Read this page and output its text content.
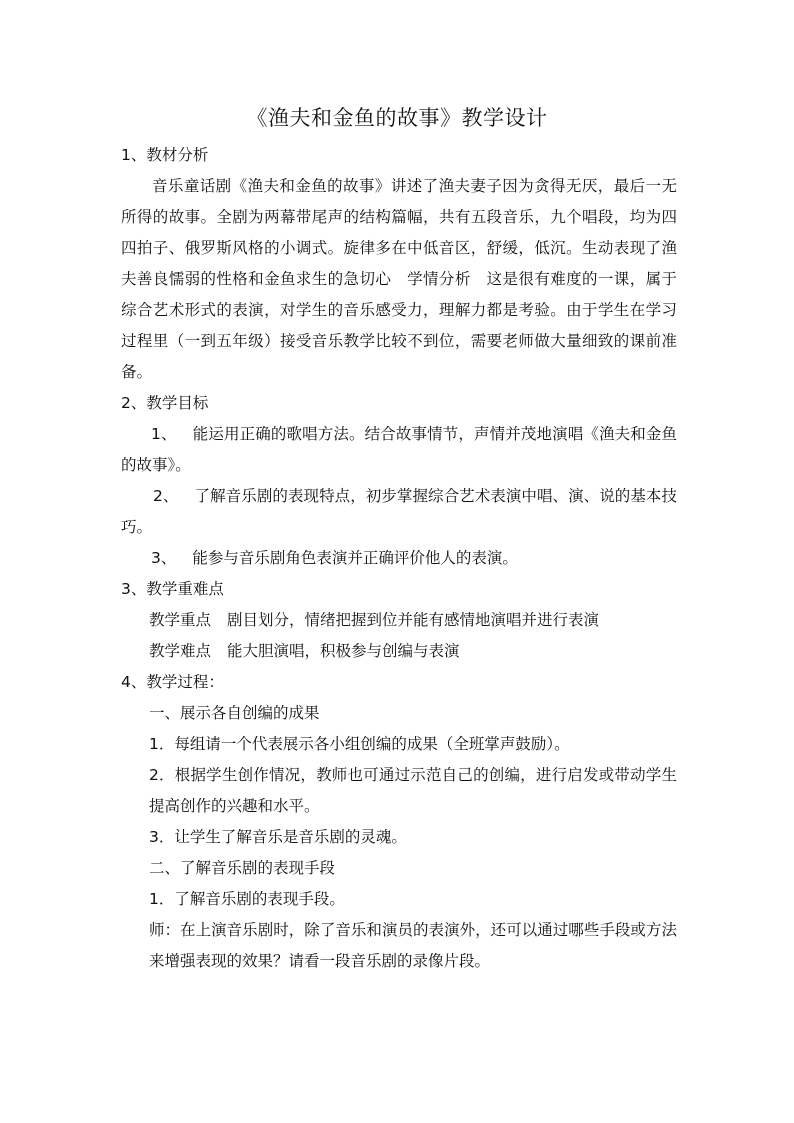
《渔夫和金鱼的故事》教学设计
1、教材分析

音乐童话剧《渔夫和金鱼的故事》讲述了渔夫妻子因为贪得无厌，最后一无所得的故事。全剧为两幕带尾声的结构篇幅，共有五段音乐，九个唱段，均为四四拍子、俄罗斯风格的小调式。旋律多在中低音区，舒缓，低沉。生动表现了渔夫善良懦弱的性格和金鱼求生的急切心　学情分析　这是很有难度的一课，属于综合艺术形式的表演，对学生的音乐感受力，理解力都是考验。由于学生在学习过程里（一到五年级）接受音乐教学比较不到位，需要老师做大量细致的课前准备。

2、教学目标

1、 能运用正确的歌唱方法。结合故事情节，声情并茂地演唱《渔夫和金鱼的故事》。

2、 了解音乐剧的表现特点，初步掌握综合艺术表演中唱、演、说的基本技巧。

3、 能参与音乐剧角色表演并正确评价他人的表演。

3、教学重难点
教学重点 剧目划分，情绪把握到位并能有感情地演唱并进行表演
教学难点 能大胆演唱，积极参与创编与表演
4、教学过程：
一、展示各自创编的成果

1．每组请一个代表展示各小组创编的成果（全班掌声鼓励）。

2．根据学生创作情况，教师也可通过示范自己的创编，进行启发或带动学生提高创作的兴趣和水平。

3．让学生了解音乐是音乐剧的灵魂。

二、了解音乐剧的表现手段

1．了解音乐剧的表现手段。

师：在上演音乐剧时，除了音乐和演员的表演外，还可以通过哪些手段或方法来增强表现的效果？请看一段音乐剧的录像片段。
